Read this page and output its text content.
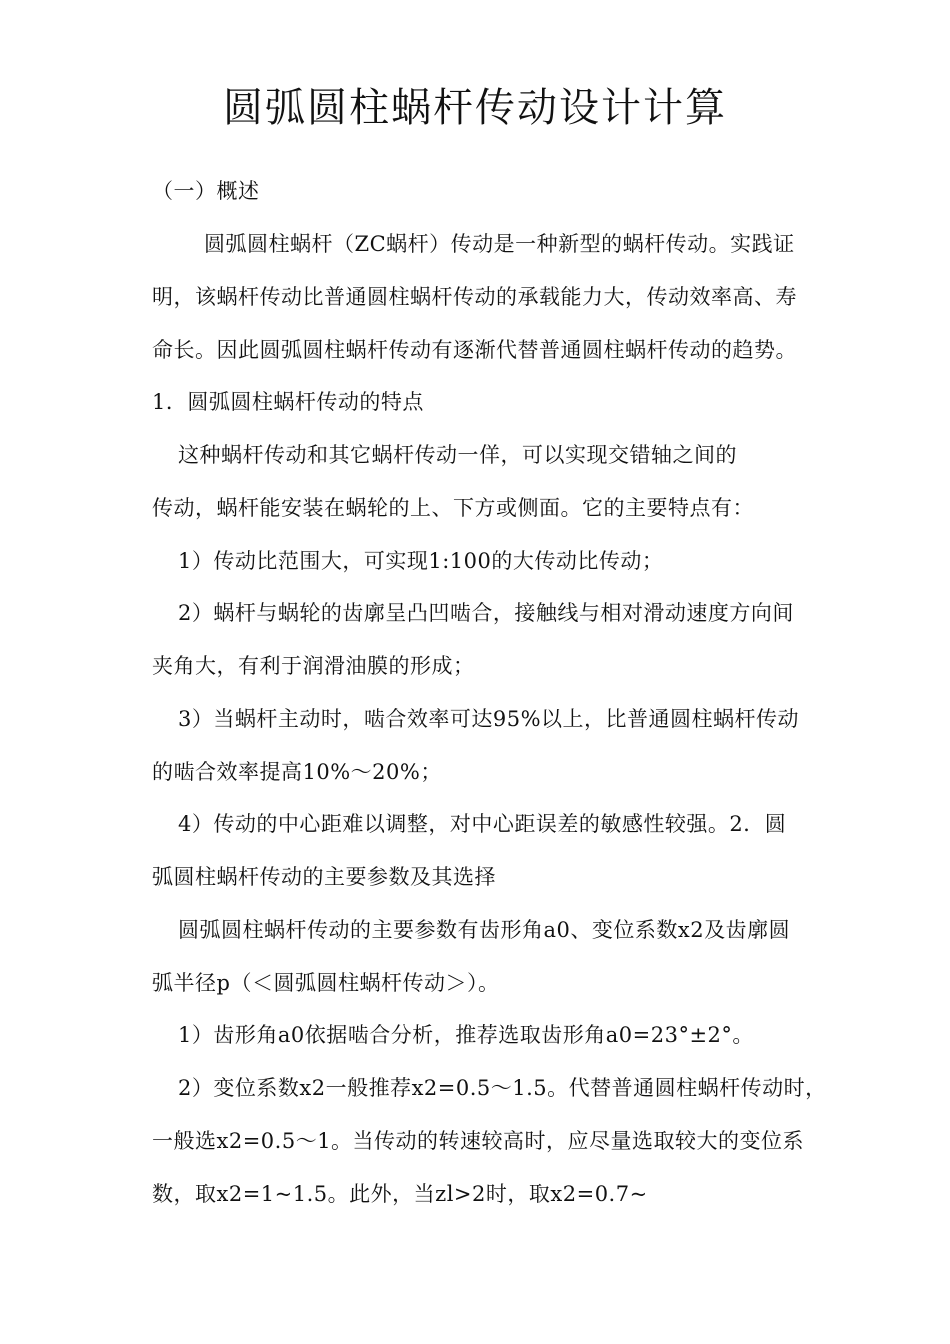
圆弧圆柱蜗杆传动设计计算
（一）概述
圆弧圆柱蜗杆（ZC蜗杆）传动是一种新型的蜗杆传动。实践证
明，该蜗杆传动比普通圆柱蜗杆传动的承载能力大，传动效率高、寿
命长。因此圆弧圆柱蜗杆传动有逐渐代替普通圆柱蜗杆传动的趋势。
1．圆弧圆柱蜗杆传动的特点
这种蜗杆传动和其它蜗杆传动一佯，可以实现交错轴之间的
传动，蜗杆能安装在蜗轮的上、下方或侧面。它的主要特点有：
1）传动比范围大，可实现1:100的大传动比传动；
2）蜗杆与蜗轮的齿廓呈凸凹啮合，接触线与相对滑动速度方向间
夹角大，有利于润滑油膜的形成；
3）当蜗杆主动时，啮合效率可达95%以上，比普通圆柱蜗杆传动
的啮合效率提高10%〜20%；
4）传动的中心距难以调整，对中心距误差的敏感性较强。2．圆
弧圆柱蜗杆传动的主要参数及其选择
圆弧圆柱蜗杆传动的主要参数有齿形角a0、变位系数x2及齿廓圆
弧半径p（＜圆弧圆柱蜗杆传动＞）。
1）齿形角a0依据啮合分析，推荐选取齿形角a0=23°±2°。
2）变位系数x2一般推荐x2=0.5〜1.5。代替普通圆柱蜗杆传动时，
一般选x2=0.5〜1。当传动的转速较高时，应尽量选取较大的变位系
数，取x2=1~1.5。此外，当zl>2时，取x2=0.7~
